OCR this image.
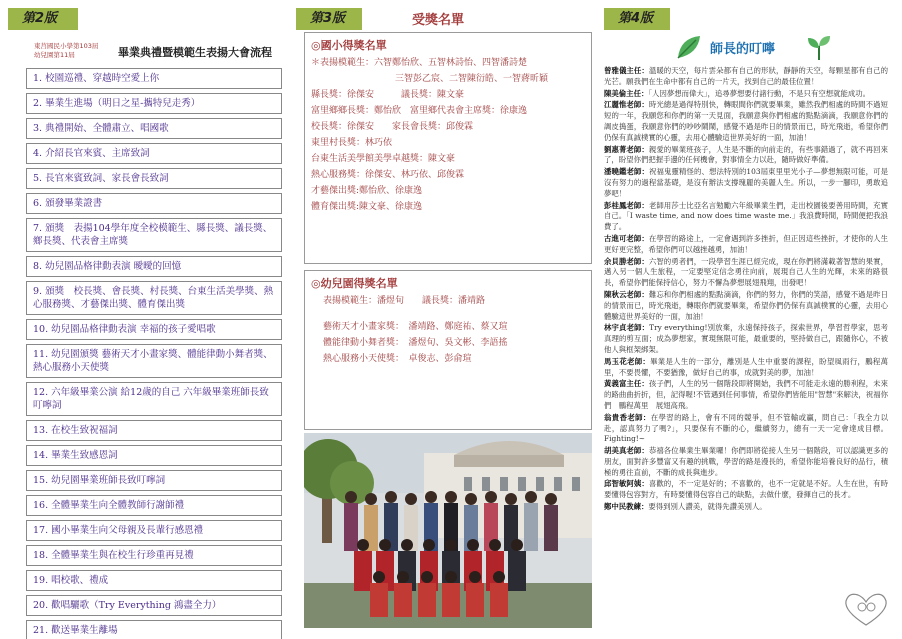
第2版
東莒國民小學第103屆
幼兒園第11屆	畢業典禮暨模範生表揚大會流程
1. 校園巡禮、穿越時空愛上你
2. 畢業生進場（明日之星-攜特兒走秀）
3. 典禮開始、全體肅立、唱國歌
4. 介紹長官來賓、主席致詞
5. 長官來賓致詞、家長會長致詞
6. 頒發畢業證書
7. 頒獎　表揚104學年度全校模範生、縣長獎、議長獎、鄉長獎、代表會主席獎
8. 幼兒園品格律動表演 曖曖的回憶
9. 頒獎　校長獎、會長獎、村長獎、台東生活美學獎、熱心服務獎、才藝傑出獎、體育傑出獎
10. 幼兒園品格律動表演 幸福的孩子愛唱歌
11. 幼兒園頒獎 藝術天才小畫家獎、體能律動小舞者獎、熱心服務小天使獎
12. 六年級畢業公演 給12歲的自己 六年級畢業班師長致叮嚀詞
13. 在校生致祝福詞
14. 畢業生致感恩詞
15. 幼兒園畢業班師長致叮嚀詞
16. 全體畢業生向全體教師行謝師禮
17. 國小畢業生向父母親及長輩行感恩禮
18. 全體畢業生與在校生行珍重再見禮
19. 唱校歌、禮成
20. 歡唱驪歌（Try Everything 鴻盡全力）
21. 歡送畢業生離場
第3版	受獎名單
◎國小得獎名單
＊表揚模範生：六智鄭怡欣、五智林詩怡、四智潘詩楚
三智彭乙宸、二智陳衍皓、一智蔣昕穎
縣長獎：徐傑安　　　議長獎：陳文豪
富里鄉鄉長獎：鄭怡欣　富里鄉代表會主席獎：徐康逸
校長獎：徐傑安　　家長會長獎：邱俊霖
東里村長獎：林巧依
台東生活美學館美學卓越獎：陳文豪
熱心服務獎：徐傑安、林巧依、邱俊霖
才藝傑出獎:鄭怡欣、徐康逸
體育傑出獎:陳文豪、徐康逸
◎幼兒園得獎名單
表揚模範生：潘煜旬　　議長獎：潘靖路
藝術天才小畫家獎：　潘靖路、鄭庭祐、蔡又瑄
體能律動小舞者獎：　潘煜旬、吳文彬、李語搖
熱心服務小天使獎：　卓俊志、彭俞瑄
第4版
師長的叮嚀
曾雅儀主任：溫暖的天空，每片雲朵都有自己的形狀，靜靜的天空，每顆星都有自己的光芒。願我們在生命中都有自己的一片天，找到自己的最佳位置！
陳美倫主任：「人因夢想而偉大」，追尋夢想要付諸行動，不是只有空想就能成功。
江麗惟老師：時光總是過得特別快，轉眼間你們就要畢業，雖然我們相處的時間不過短短的一年，我願您和你們的第一天見面，我願意與你們相處的點點滴滴，我願意你們的調皮搗蛋，我願意你們的吵吵鬧鬧，感覺不過是昨日的情景而已，時光飛逝，希望你們仍保有真誠樸實的心靈，去用心體驗這世界美好的一面，加油！
劉惠菁老師：親愛的畢業班孩子，人生是不斷的向前走的，有些事錯過了，就不再回來了，盼望你們把握手邊的任何機會，對事情全力以赴，隨時做好準備。
潘曉鑑老師：祝福鬼靈精怪的、想法特別的103屆東里里光小子—夢想無限可能，可是沒有努力的過程當基礎，是沒有辦法支撐瑰麗的美麗人生。所以，一步一腳印，勇敢追夢吧！
彭桂鳳老師：老師用莎士比亞名言勉勵六年級畢業生們，走出校園後要善用時間，充實自己。「I waste time, and now does time waste me.」我浪費時間，時間便把我浪費了。
古進可老師：在學習的路途上，一定會遇到許多挫折，但正因這些挫折，才使你的人生更好更完整，希望你們可以越挫越勇，加油！
余貝勝老師：六智的勇者們，一段學習生涯已經完成，現在你們將滿載著智慧的果實，邁入另一個人生旅程，一定要堅定信念勇往向前，展現自己人生的光輝，未來的路很長，希望你們能保持信心，努力不懈為夢想展翅飛翔，出發吧！
陳秋云老師：難忘和你們相處的點點滴滴，你們的努力，你們的笑語，感覺不過是昨日的情景而已，時光飛逝，轉眼你們就要畢業，希望你們仍保有真誠樸實的心靈，去用心體驗這世界美好的一面，加油！
林宇貞老師：Try everything!別放棄，永遠保持孩子，探索世界，學習哲學家，思考真理的剪互面；成為夢想家，實現無限可能，最重要的，堅持做自己，跟隨你心，不被他人與框架綁架。
馬玉花老師：畢業是人生的一部分，離別是人生中重要的課程，盼望風雨行，鵬程萬里，不要畏懼，不要猶豫，做好自己的事，成就對美的夢，加油！
黃義富主任：孩子們，人生的另一個階段即將開始，我們不可能走永遠的勝利程，未來的路曲曲折折，但，記得喔!不管遇到任何事情，希望你們皆能用"智慧"來解決，祝福你們　鵬程萬里　展翅高飛。
翁貴香老師：在學習的路上，會有不同的競爭，但不管輸或贏，問自己：「我全力以赴，認真努力了嗎?」，只要保有不斷的心，繼續努力，總有一天一定會達成目標。Fighting!~
胡美真老師：恭禧各位畢業生畢業囉！你們即將從接人生另一個階段，可以認識更多的朋友，面對許多豐富又有趣的挑戰，學習的路是漫長的，希望你能培養良好的品行，積極的勇往直前，不斷的成長與進步。
邱智敏阿姨：喜歡的，不一定是好的；不喜歡的，也不一定就是不好。人生在世，有時要懂得包容對方，有時要懂得包容自己的缺點，去做什麼，發揮自己的長才。
鄭中民教練：要得到別人讚美，就得先讚美別人。
